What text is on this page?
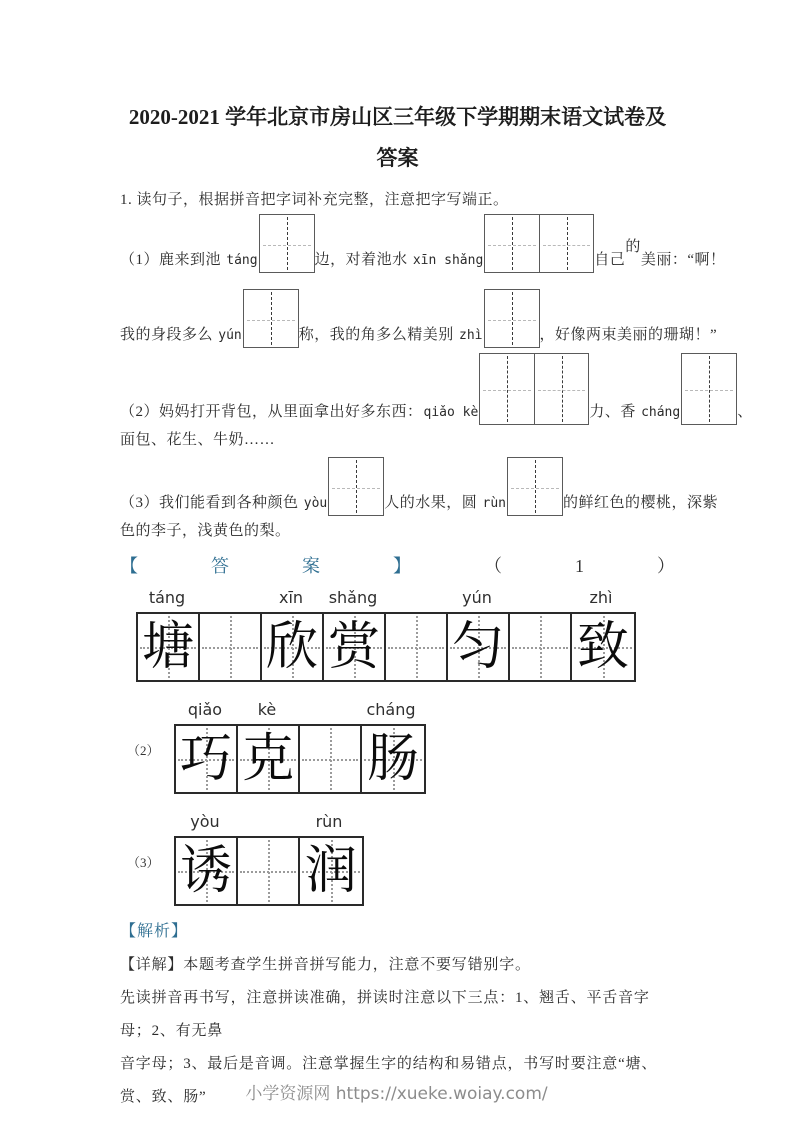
2020-2021 学年北京市房山区三年级下学期期末语文试卷及
答案
1. 读句子，根据拼音把字词补充完整，注意把字写端正。
（1）鹿来到池 táng	边，对着池水 xīn shǎng	自己
的
美丽：“啊！
我的身段多么 yún	称，我的角多么精美别 zhì	，好像两束美丽的珊瑚！”
（2）妈妈打开背包，从里面拿出好多东西： qiǎo kè	力、香 cháng	、
面包、花生、牛奶……
（3）我们能看到各种颜色 yòu	人的水果，圆 rùn	的鲜红色的樱桃，深紫
色的李子，浅黄色的梨。
【	答	案	】	（	1	）
táng	xīn	shǎng	yún	zhì
塘 欣 赏 匀 致
qiǎo	kè	cháng
（2） 巧 克 肠
yòu	rùn
（3） 诱 润
【解析】
【详解】本题考查学生拼音拼写能力，注意不要写错别字。
先读拼音再书写，注意拼读准确，拼读时注意以下三点：1、翘舌、平舌音字母；2、有无鼻
音字母；3、最后是音调。注意掌握生字的结构和易错点，书写时要注意“塘、赏、致、肠”	小学资源网 https://xueke.woiay.com/
